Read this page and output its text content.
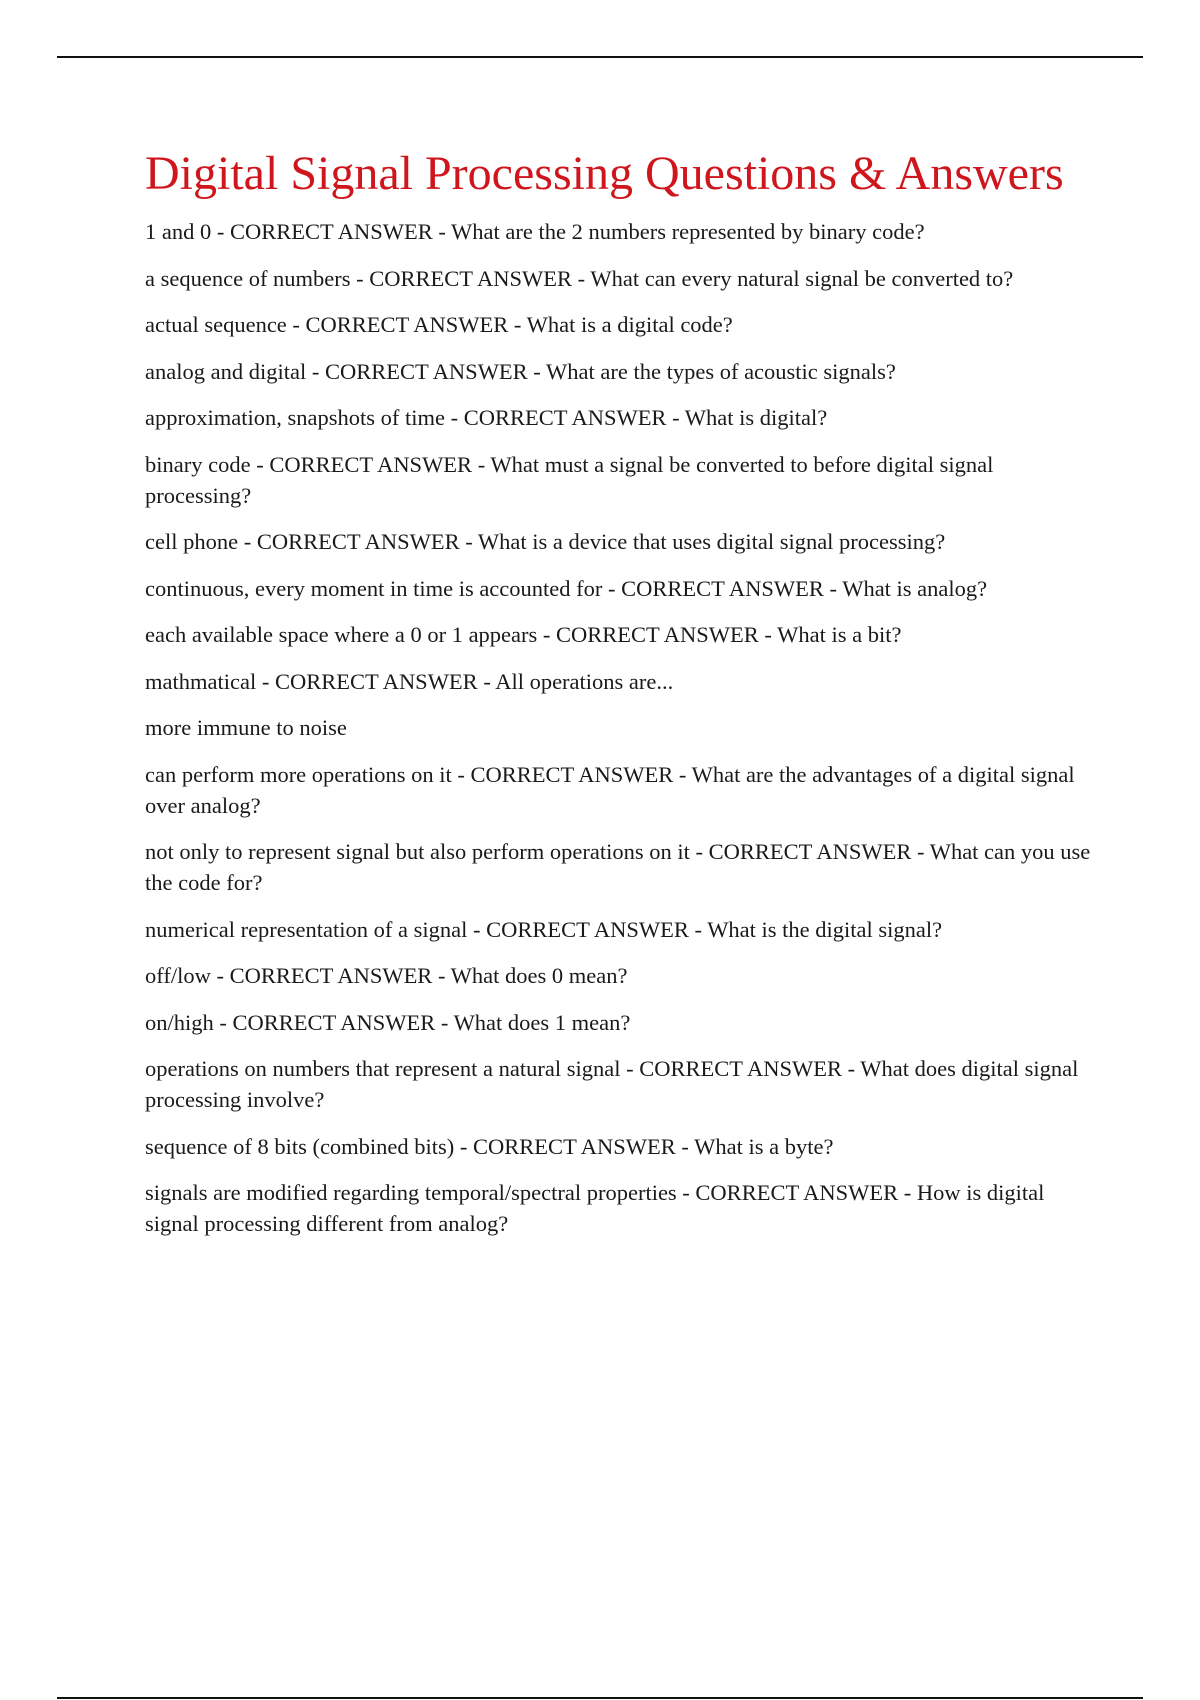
Digital Signal Processing Questions & Answers
1 and 0 - CORRECT ANSWER - What are the 2 numbers represented by binary code?
a sequence of numbers - CORRECT ANSWER - What can every natural signal be converted to?
actual sequence - CORRECT ANSWER - What is a digital code?
analog and digital - CORRECT ANSWER - What are the types of acoustic signals?
approximation, snapshots of time - CORRECT ANSWER - What is digital?
binary code - CORRECT ANSWER - What must a signal be converted to before digital signal processing?
cell phone - CORRECT ANSWER - What is a device that uses digital signal processing?
continuous, every moment in time is accounted for - CORRECT ANSWER - What is analog?
each available space where a 0 or 1 appears - CORRECT ANSWER - What is a bit?
mathmatical - CORRECT ANSWER - All operations are...
more immune to noise
can perform more operations on it - CORRECT ANSWER - What are the advantages of a digital signal over analog?
not only to represent signal but also perform operations on it - CORRECT ANSWER - What can you use the code for?
numerical representation of a signal - CORRECT ANSWER - What is the digital signal?
off/low - CORRECT ANSWER - What does 0 mean?
on/high - CORRECT ANSWER - What does 1 mean?
operations on numbers that represent a natural signal - CORRECT ANSWER - What does digital signal processing involve?
sequence of 8 bits (combined bits) - CORRECT ANSWER - What is a byte?
signals are modified regarding temporal/spectral properties - CORRECT ANSWER - How is digital signal processing different from analog?
